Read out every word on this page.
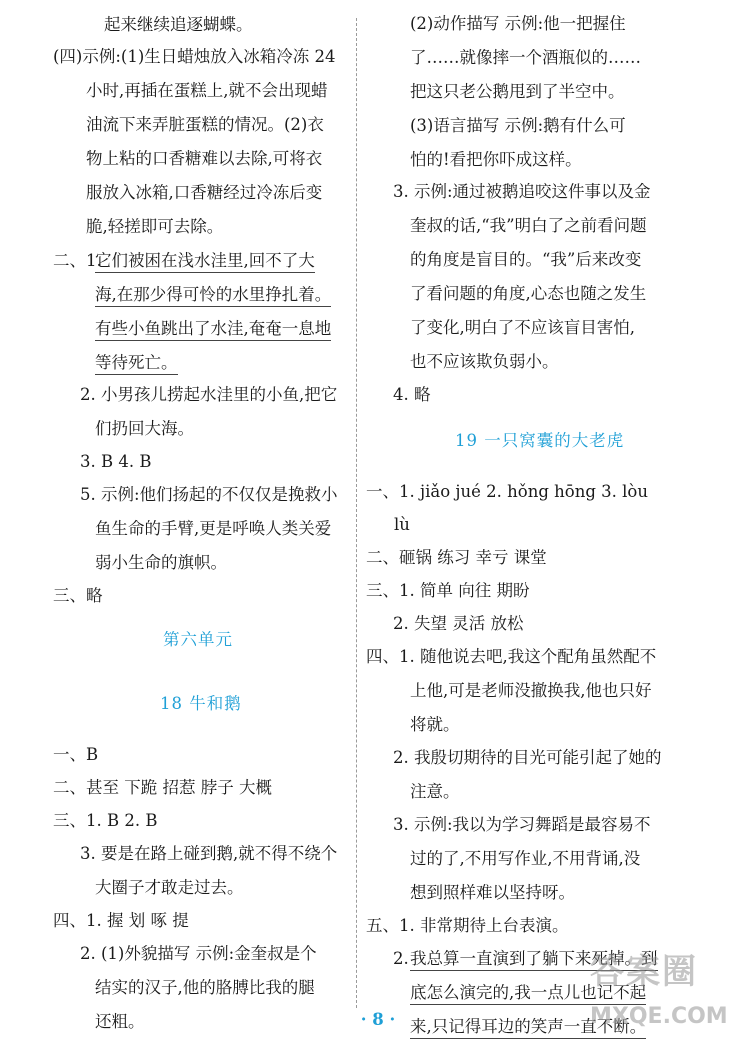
起来继续追逐蝴蝶。
(四)示例:(1)生日蜡烛放入冰箱冷冻 24
小时,再插在蛋糕上,就不会出现蜡
油流下来弄脏蛋糕的情况。(2)衣
物上粘的口香糖难以去除,可将衣
服放入冰箱,口香糖经过冷冻后变
脆,轻搓即可去除。
二、1.
它们被困在浅水洼里,回不了大
海,在那少得可怜的水里挣扎着。
有些小鱼跳出了水洼,奄奄一息地
等待死亡。
2. 小男孩儿捞起水洼里的小鱼,把它
们扔回大海。
3. B 4. B
5. 示例:他们扬起的不仅仅是挽救小
鱼生命的手臂,更是呼唤人类关爱
弱小生命的旗帜。
三、略
第六单元
18 牛和鹅
一、B
二、甚至 下跪 招惹 脖子 大概
三、1. B 2. B
3. 要是在路上碰到鹅,就不得不绕个
大圈子才敢走过去。
四、1. 握 划 啄 提
2. (1)外貌描写 示例:金奎叔是个
结实的汉子,他的胳膊比我的腿
还粗。
(2)动作描写 示例:他一把握住
了……就像摔一个酒瓶似的……
把这只老公鹅甩到了半空中。
(3)语言描写 示例:鹅有什么可
怕的!看把你吓成这样。
3. 示例:通过被鹅追咬这件事以及金
奎叔的话,“我”明白了之前看问题
的角度是盲目的。“我”后来改变
了看问题的角度,心态也随之发生
了变化,明白了不应该盲目害怕,
也不应该欺负弱小。
4. 略
19 一只窝囊的大老虎
一、1. jiǎo jué 2. hǒng hōng 3. lòu
lù
二、砸锅 练习 幸亏 课堂
三、1. 简单 向往 期盼
2. 失望 灵活 放松
四、1. 随他说去吧,我这个配角虽然配不
上他,可是老师没撤换我,他也只好
将就。
2. 我殷切期待的目光可能引起了她的
注意。
3. 示例:我以为学习舞蹈是最容易不
过的了,不用写作业,不用背诵,没
想到照样难以坚持呀。
五、1. 非常期待上台表演。
2. 我总算一直演到了躺下来死掉。到
底怎么演完的,我一点儿也记不起
来,只记得耳边的笑声一直不断。
· 8 ·
答案圈
MXQE.COM
